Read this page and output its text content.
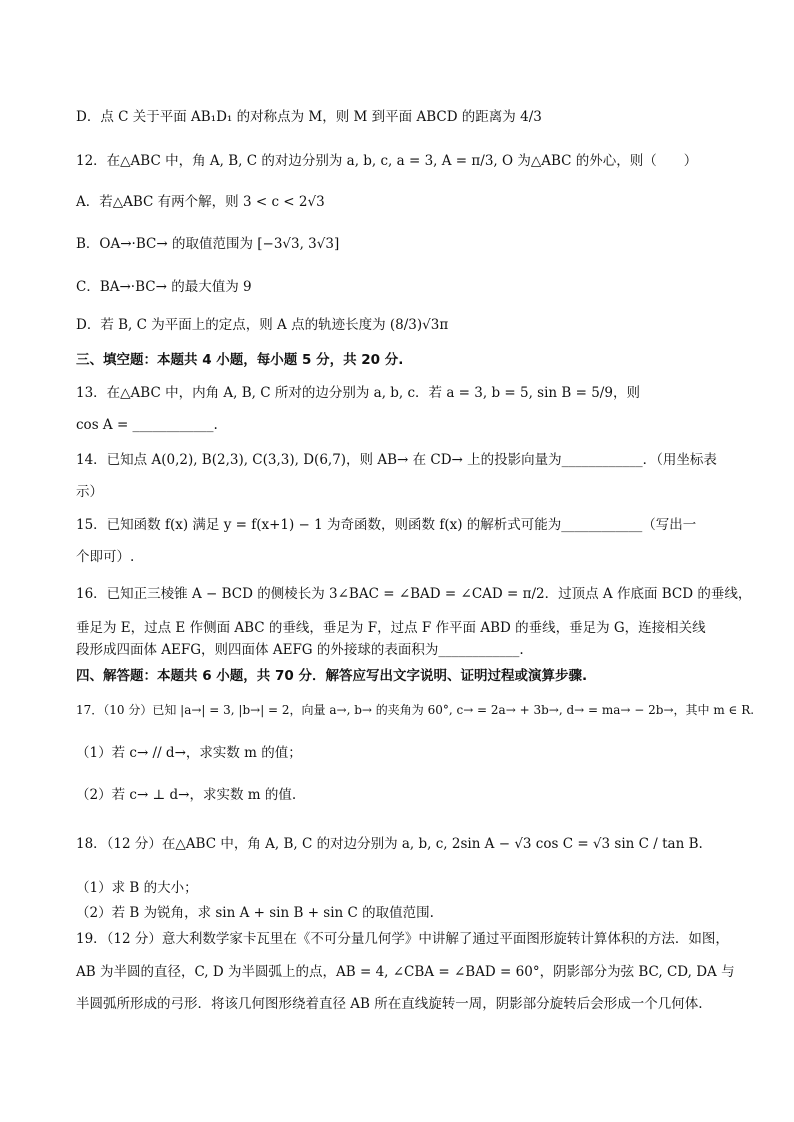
D．点 C 关于平面 AB₁D₁ 的对称点为 M，则 M 到平面 ABCD 的距离为 4/3
12．在△ABC 中，角 A, B, C 的对边分别为 a, b, c, a = 3, A = π/3, O 为△ABC 的外心，则（　　）
A．若△ABC 有两个解，则 3 < c < 2√3
B．OA→·BC→ 的取值范围为 [−3√3, 3√3]
C．BA→·BC→ 的最大值为 9
D．若 B, C 为平面上的定点，则 A 点的轨迹长度为 (8/3)√3π
三、填空题：本题共 4 小题，每小题 5 分，共 20 分.
13．在△ABC 中，内角 A, B, C 所对的边分别为 a, b, c．若 a = 3, b = 5, sin B = 5/9，则
cos A = ____________.
14．已知点 A(0,2), B(2,3), C(3,3), D(6,7)，则 AB→ 在 CD→ 上的投影向量为____________．（用坐标表
示）
15．已知函数 f(x) 满足 y = f(x+1) − 1 为奇函数，则函数 f(x) 的解析式可能为____________（写出一
个即可）.
16．已知正三棱锥 A − BCD 的侧棱长为 3∠BAC = ∠BAD = ∠CAD = π/2．过顶点 A 作底面 BCD 的垂线，
垂足为 E，过点 E 作侧面 ABC 的垂线，垂足为 F，过点 F 作平面 ABD 的垂线，垂足为 G，连接相关线
段形成四面体 AEFG，则四面体 AEFG 的外接球的表面积为____________.
四、解答题：本题共 6 小题，共 70 分．解答应写出文字说明、证明过程或演算步骤.
17．（10 分）已知 |a→| = 3, |b→| = 2，向量 a→, b→ 的夹角为 60°, c→ = 2a→ + 3b→, d→ = ma→ − 2b→，其中 m ∈ R.
（1）若 c→ // d→，求实数 m 的值；
（2）若 c→ ⊥ d→，求实数 m 的值.
18．（12 分）在△ABC 中，角 A, B, C 的对边分别为 a, b, c, 2sin A − √3 cos C = √3 sin C / tan B.
（1）求 B 的大小；
（2）若 B 为锐角，求 sin A + sin B + sin C 的取值范围.
19．（12 分）意大利数学家卡瓦里在《不可分量几何学》中讲解了通过平面图形旋转计算体积的方法．如图，
AB 为半圆的直径，C, D 为半圆弧上的点，AB = 4, ∠CBA = ∠BAD = 60°，阴影部分为弦 BC, CD, DA 与
半圆弧所形成的弓形．将该几何图形绕着直径 AB 所在直线旋转一周，阴影部分旋转后会形成一个几何体.
